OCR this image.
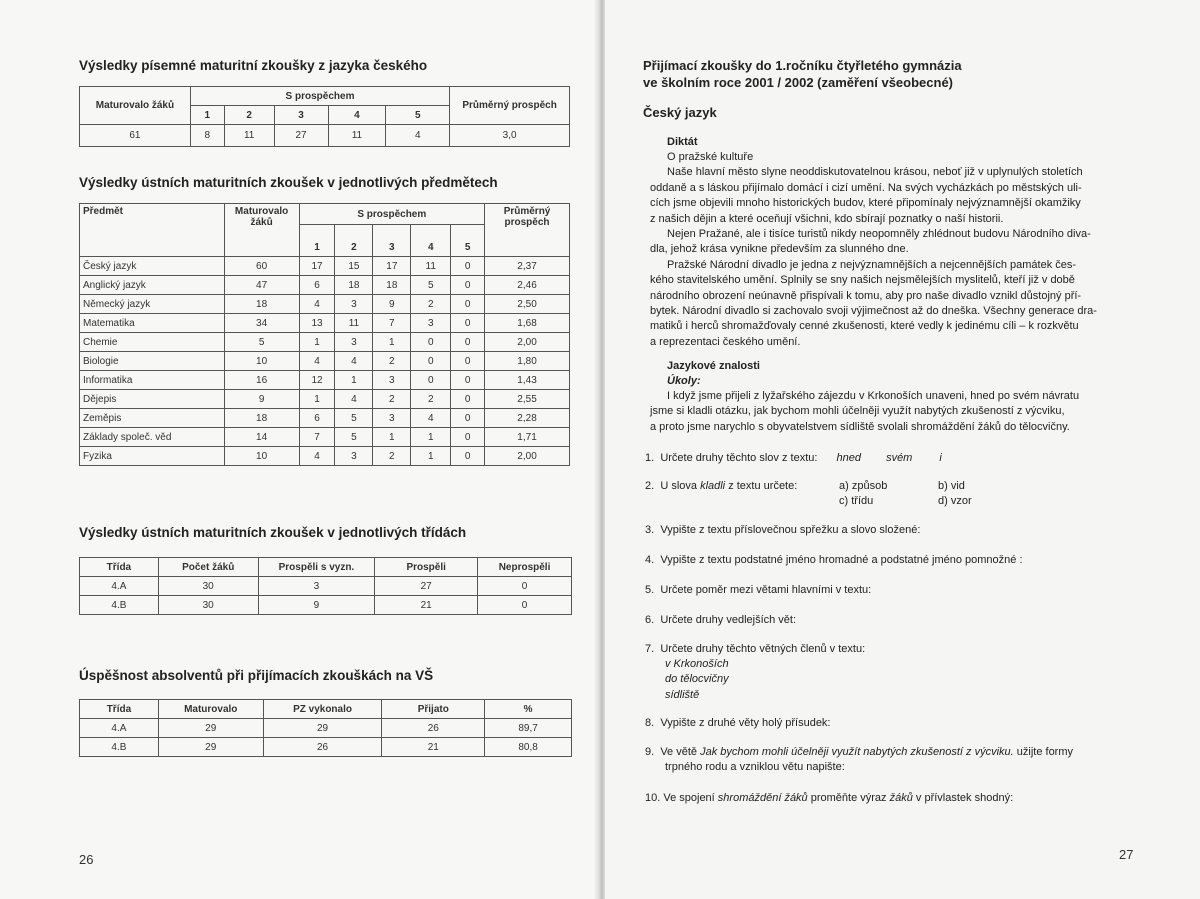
Výsledky písemné maturitní zkoušky z jazyka českého
Maturovalo žáků	S prospěchem					Průměrný prospěch
	1	2	3	4	5	
61	8	11	27	11	4	3,0
Výsledky ústních maturitních zkoušek v jednotlivých předmětech
Předmět	Maturovalo žáků	S prospěchem					Průměrný prospěch
		1	2	3	4	5	
Český jazyk	60	17	15	17	11	0	2,37
Anglický jazyk	47	6	18	18	5	0	2,46
Německý jazyk	18	4	3	9	2	0	2,50
Matematika	34	13	11	7	3	0	1,68
Chemie	5	1	3	1	0	0	2,00
Biologie	10	4	4	2	0	0	1,80
Informatika	16	12	1	3	0	0	1,43
Dějepis	9	1	4	2	2	0	2,55
Zeměpis	18	6	5	3	4	0	2,28
Základy společ. věd	14	7	5	1	1	0	1,71
Fyzika	10	4	3	2	1	0	2,00
Výsledky ústních maturitních zkoušek v jednotlivých třídách
Třída	Počet žáků	Prospěli s vyzn.	Prospěli	Neprospěli
4.A	30	3	27	0
4.B	30	9	21	0
Úspěšnost absolventů při přijímacích zkouškách na VŠ
Třída	Maturovalo	PZ vykonalo	Přijato	%
4.A	29	29	26	89,7
4.B	29	26	21	80,8
26
Přijímací zkoušky do 1.ročníku čtyřletého gymnázia
ve školním roce 2001 / 2002 (zaměření všeobecné)
Český jazyk
Diktát

O pražské kultuře

Naše hlavní město slyne neoddiskutovatelnou krásou, neboť již v uplynulých stoletích

oddaně a s láskou přijímalo domácí i cizí umění. Na svých vycházkách po městských uli-

cích jsme objevili mnoho historických budov, které připomínaly nejvýznamnější okamžiky

z našich dějin a které oceňují všichni, kdo sbírají poznatky o naší historii.

Nejen Pražané, ale i tisíce turistů nikdy neopomněly zhlédnout budovu Národního diva-

dla, jehož krása vynikne především za slunného dne.

Pražské Národní divadlo je jedna z nejvýznamnějších a nejcennějších památek čes-

kého stavitelského umění. Splnily se sny našich nejsmělejších myslitelů, kteří již v době

národního obrození neúnavně přispívali k tomu, aby pro naše divadlo vznikl důstojný pří-

bytek. Národní divadlo si zachovalo svoji výjimečnost až do dneška. Všechny generace dra-

matiků i herců shromažďovaly cenné zkušenosti, které vedly k jedinému cíli – k rozkvětu

a reprezentaci českého umění.

Jazykové znalosti
Úkoly:

I když jsme přijeli z lyžařského zájezdu v Krkonoších unaveni, hned po svém návratu

jsme si kladli otázku, jak bychom mohli účelněji využít nabytých zkušeností z výcviku,

a proto jsme narychlo s obyvatelstvem sídliště svolali shromáždění žáků do tělocvičny.

1. Určete druhy těchto slov z textu: hned svém i
2. U slova kladli z textu určete:	a) způsob

c) třídu

b) vid

d) vzor

3. Vypište z textu příslovečnou spřežku a slovo složené:
4. Vypište z textu podstatné jméno hromadné a podstatné jméno pomnožné :
5. Určete poměr mezi větami hlavními v textu:
6. Určete druhy vedlejších vět:
7. Určete druhy těchto větných členů v textu:

v Krkonoších

do tělocvičny

sídliště

8. Vypište z druhé věty holý přísudek:

9. Ve větě Jak bychom mohli účelněji využít nabytých zkušeností z výcviku. užijte formy

trpného rodu a vzniklou větu napište:

10. Ve spojení shromáždění žáků proměňte výraz žáků v přívlastek shodný:
27
